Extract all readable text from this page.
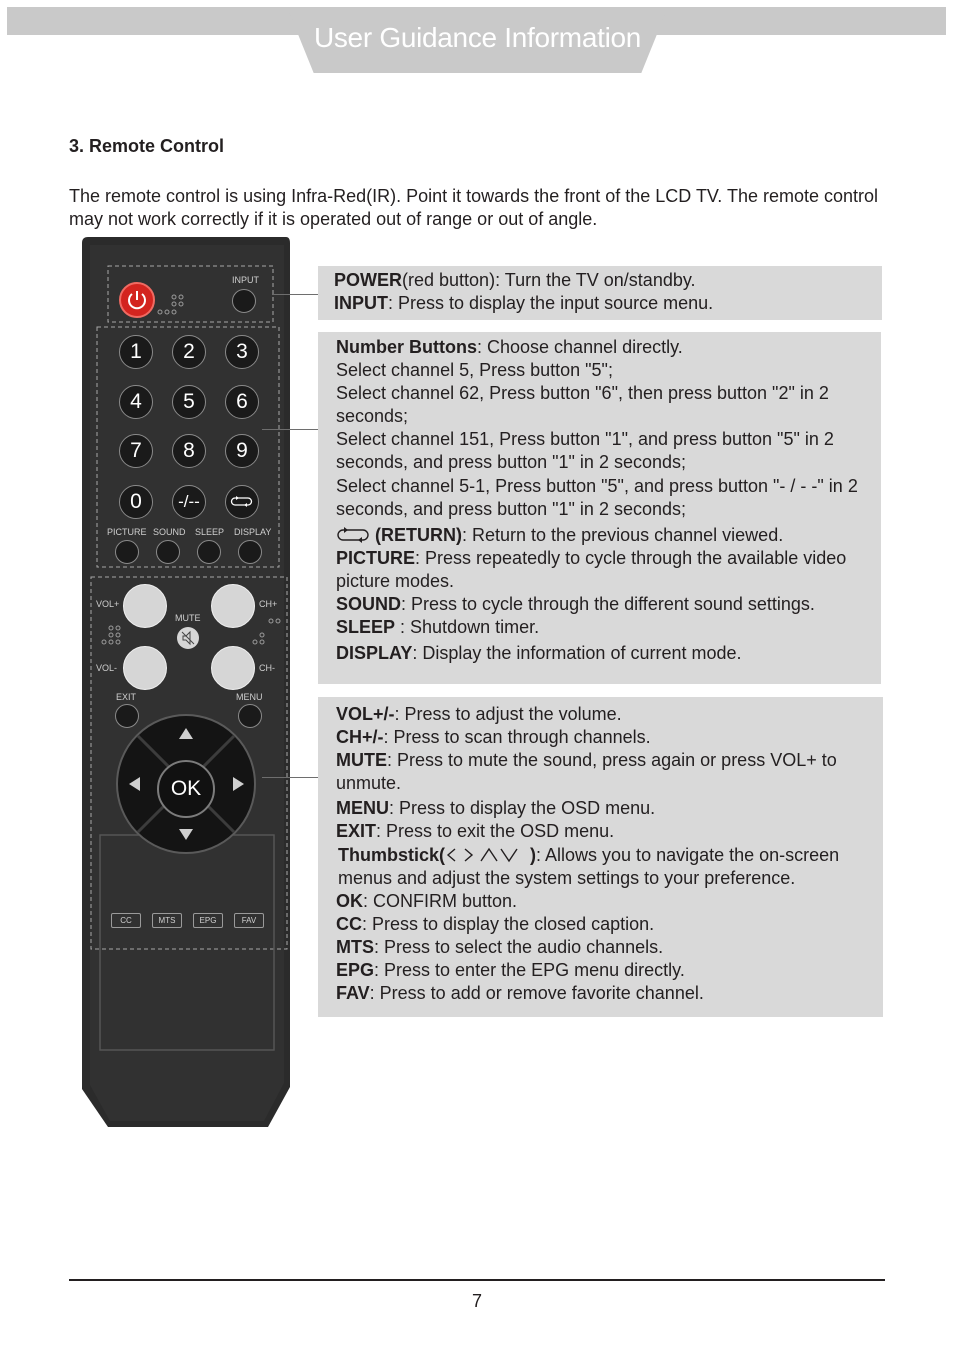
User Guidance Information
3. Remote Control

The remote control is using Infra-Red(IR). Point it towards the front of the LCD TV. The remote control may not work correctly if it is operated out of range or out of angle.

INPUT
1	2	3
4	5	6
7	8	9
0	-/--
PICTURE SOUND SLEEP DISPLAY
VOL+	CH+
MUTE
VOL-	CH-
EXIT	MENU
OK
CC	MTS	EPG	FAV

POWER(red button): Turn the TV on/standby.

INPUT: Press to display the input source menu.

Number Buttons: Choose channel directly.

Select channel 5, Press button "5";

Select channel 62, Press button "6", then press button "2" in 2 seconds;

Select channel 151, Press button "1", and press button "5" in 2 seconds, and press button "1" in 2 seconds;

Select channel 5-1, Press button "5", and press button "- / - -" in 2 seconds, and press button "1" in 2 seconds;

(RETURN): Return to the previous channel viewed.

PICTURE: Press repeatedly to cycle through the available video picture modes.

SOUND: Press to cycle through the different sound settings.

SLEEP : Shutdown timer.

DISPLAY: Display the information of current mode.

VOL+/-: Press to adjust the volume.

CH+/-: Press to scan through channels.

MUTE: Press to mute the sound, press again or press VOL+ to unmute.

MENU: Press to display the OSD menu.

EXIT: Press to exit the OSD menu.

Thumbstick(	): Allows you to navigate the on-screen menus and adjust the system settings to your preference.

OK: CONFIRM button.

CC: Press to display the closed caption.

MTS: Press to select the audio channels.

EPG: Press to enter the EPG menu directly.

FAV: Press to add or remove favorite channel.

7
